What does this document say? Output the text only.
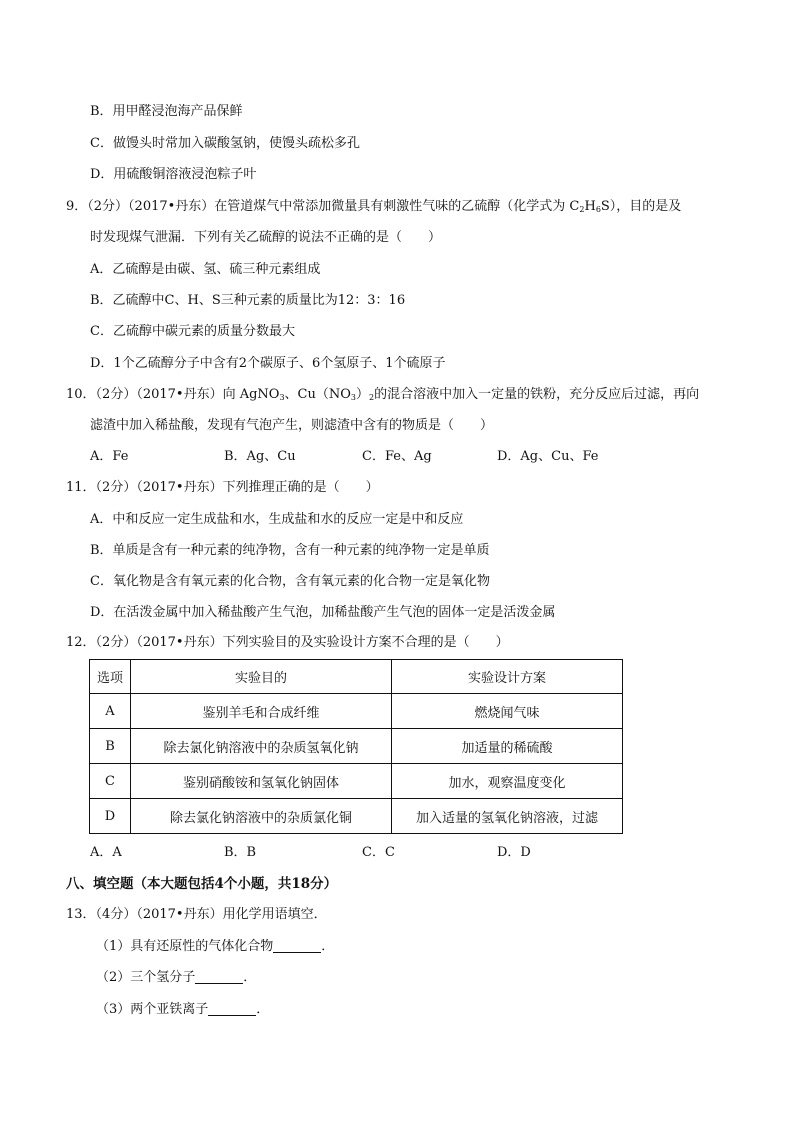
B．用甲醛浸泡海产品保鲜
C．做馒头时常加入碳酸氢钠，使馒头疏松多孔
D．用硫酸铜溶液浸泡粽子叶
9．（2分）（2017•丹东）在管道煤气中常添加微量具有刺激性气味的乙硫醇（化学式为 $C_2H_6S$），目的是及
时发现煤气泄漏．下列有关乙硫醇的说法不正确的是（　　）
A．乙硫醇是由碳、氢、硫三种元素组成
B．乙硫醇中C、H、S三种元素的质量比为12：3：16
C．乙硫醇中碳元素的质量分数最大
D．1个乙硫醇分子中含有2个碳原子、6个氢原子、1个硫原子
10．（2分）（2017•丹东）向 AgNO$_3$、$Cu(NO_3)_2$的混合溶液中加入一定量的铁粉，充分反应后过滤，再向
滤渣中加入稀盐酸，发现有气泡产生，则滤渣中含有的物质是（　　）
A．Fe	B．Ag、Cu	C．Fe、Ag	D．Ag、Cu、Fe
11．（2分）（2017•丹东）下列推理正确的是（　　）
A．中和反应一定生成盐和水，生成盐和水的反应一定是中和反应
B．单质是含有一种元素的纯净物，含有一种元素的纯净物一定是单质
C．氧化物是含有氧元素的化合物，含有氧元素的化合物一定是氧化物
D．在活泼金属中加入稀盐酸产生气泡，加稀盐酸产生气泡的固体一定是活泼金属
12．（2分）（2017•丹东）下列实验目的及实验设计方案不合理的是（　　）
选项	实验目的	实验设计方案
A	鉴别羊毛和合成纤维	燃烧闻气味
B	除去氯化钠溶液中的杂质氢氧化钠	加适量的稀硫酸
C	鉴别硝酸铵和氢氧化钠固体	加水，观察温度变化
D	除去氯化钠溶液中的杂质氯化铜	加入适量的氢氧化钠溶液，过滤
A．A	B．B	C．C	D．D
八、填空题（本大题包括4个小题，共18分）
13．（4分）（2017•丹东）用化学用语填空．
（1）具有还原性的气体化合物	．
（2）三个氢分子	．
（3）两个亚铁离子	．
